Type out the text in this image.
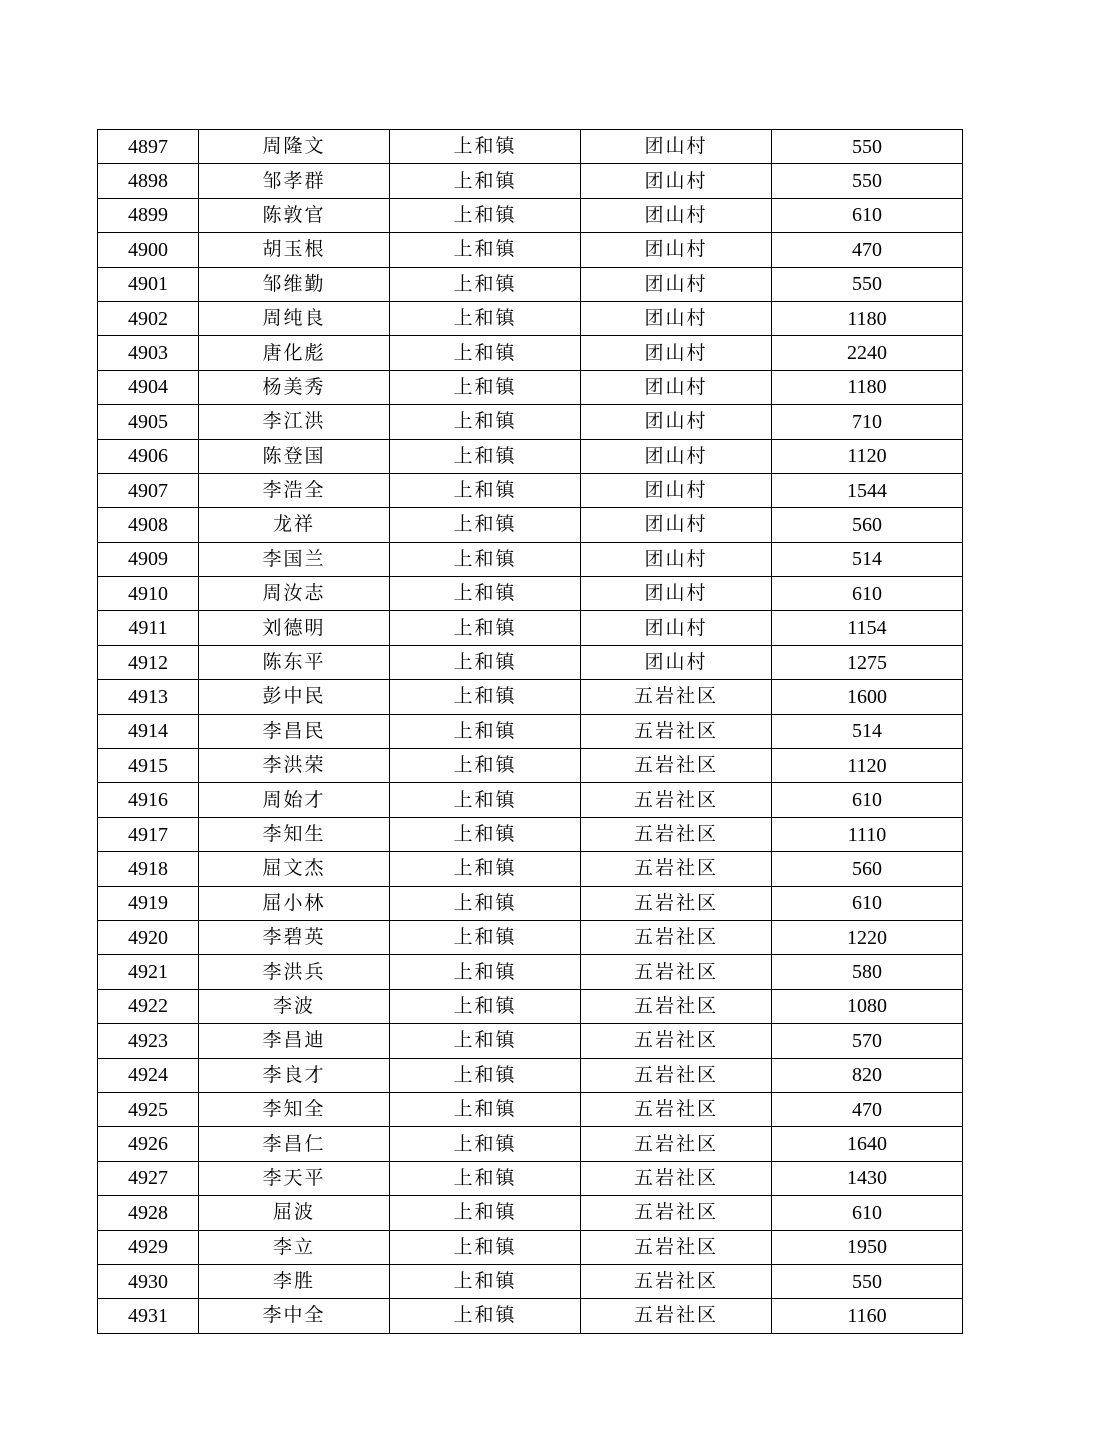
4897	周隆文	上和镇	团山村	550
4898	邹孝群	上和镇	团山村	550
4899	陈敦官	上和镇	团山村	610
4900	胡玉根	上和镇	团山村	470
4901	邹维勤	上和镇	团山村	550
4902	周纯良	上和镇	团山村	1180
4903	唐化彪	上和镇	团山村	2240
4904	杨美秀	上和镇	团山村	1180
4905	李江洪	上和镇	团山村	710
4906	陈登国	上和镇	团山村	1120
4907	李浩全	上和镇	团山村	1544
4908	龙祥	上和镇	团山村	560
4909	李国兰	上和镇	团山村	514
4910	周汝志	上和镇	团山村	610
4911	刘德明	上和镇	团山村	1154
4912	陈东平	上和镇	团山村	1275
4913	彭中民	上和镇	五岩社区	1600
4914	李昌民	上和镇	五岩社区	514
4915	李洪荣	上和镇	五岩社区	1120
4916	周始才	上和镇	五岩社区	610
4917	李知生	上和镇	五岩社区	1110
4918	屈文杰	上和镇	五岩社区	560
4919	屈小林	上和镇	五岩社区	610
4920	李碧英	上和镇	五岩社区	1220
4921	李洪兵	上和镇	五岩社区	580
4922	李波	上和镇	五岩社区	1080
4923	李昌迪	上和镇	五岩社区	570
4924	李良才	上和镇	五岩社区	820
4925	李知全	上和镇	五岩社区	470
4926	李昌仁	上和镇	五岩社区	1640
4927	李天平	上和镇	五岩社区	1430
4928	屈波	上和镇	五岩社区	610
4929	李立	上和镇	五岩社区	1950
4930	李胜	上和镇	五岩社区	550
4931	李中全	上和镇	五岩社区	1160
